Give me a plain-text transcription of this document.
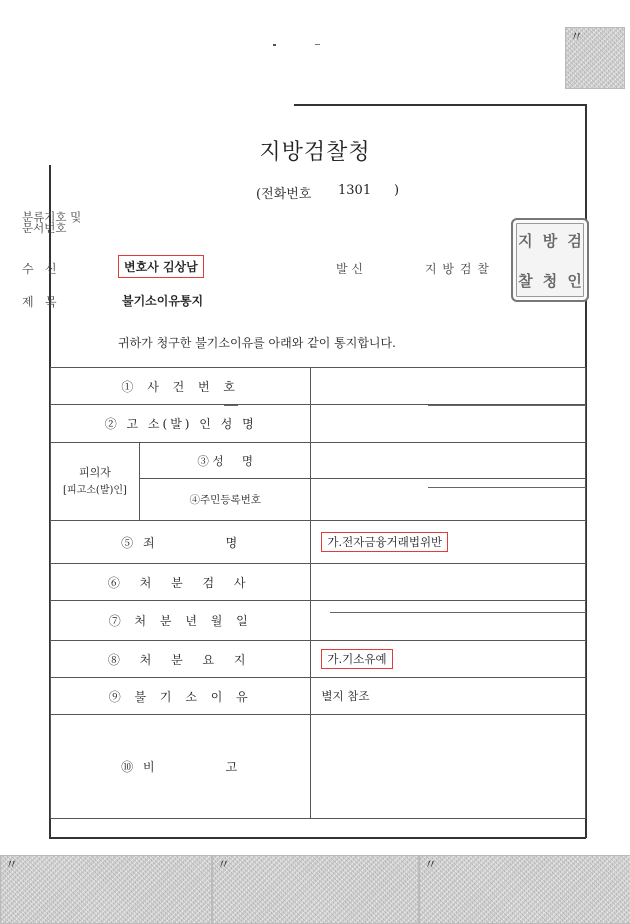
〃
〃	〃	〃
지방검찰청
(전화번호 1301 )
분류기호 및
문서번호
수   신	변호사 김상남	발 신	지 방 검 찰
제   목	불기소이유통지
지 방 검
찰 청 인
귀하가 청구한 불기소이유를 아래와 같이 통지합니다.
① 사 건 번 호		
② 고 소(발) 인 성 명		

피의자
[피고소(발)인]	③ 성     명	
	④주민등록번호	
⑤ 죄          명		가.전자금융거래법위반
⑥ 처 분 검 사		
⑦ 처 분 년 월 일		
⑧ 처 분 요 지		가.기소유예
⑨ 불 기 소 이 유		별지 참조
⑩ 비          고		
